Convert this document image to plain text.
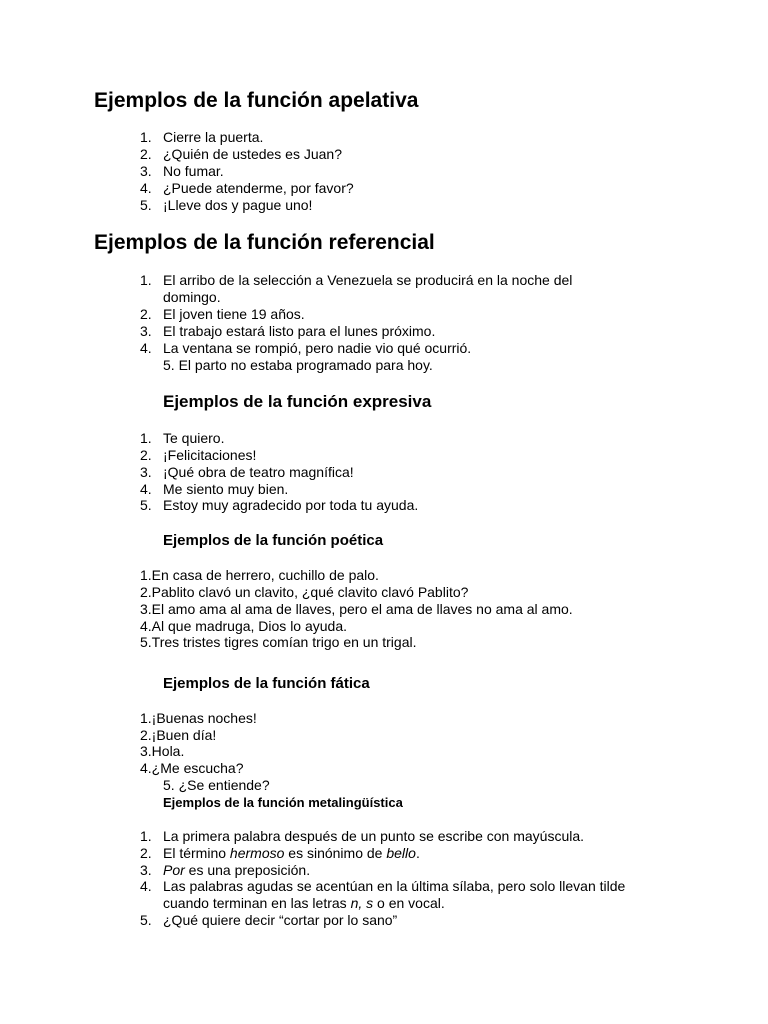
Ejemplos de la función apelativa
1. Cierre la puerta.
2. ¿Quién de ustedes es Juan?
3. No fumar.
4. ¿Puede atenderme, por favor?
5. ¡Lleve dos y pague uno!
Ejemplos de la función referencial
1. El arribo de la selección a Venezuela se producirá en la noche del
domingo.
2. El joven tiene 19 años.
3. El trabajo estará listo para el lunes próximo.
4. La ventana se rompió, pero nadie vio qué ocurrió.
5. El parto no estaba programado para hoy.
Ejemplos de la función expresiva
1. Te quiero.
2. ¡Felicitaciones!
3. ¡Qué obra de teatro magnífica!
4. Me siento muy bien.
5. Estoy muy agradecido por toda tu ayuda.
Ejemplos de la función poética
1.En casa de herrero, cuchillo de palo.
2.Pablito clavó un clavito, ¿qué clavito clavó Pablito?
3.El amo ama al ama de llaves, pero el ama de llaves no ama al amo.
4.Al que madruga, Dios lo ayuda.
5.Tres tristes tigres comían trigo en un trigal.
Ejemplos de la función fática
1.¡Buenas noches!
2.¡Buen día!
3.Hola.
4.¿Me escucha?
5. ¿Se entiende?
Ejemplos de la función metalingüística
1. La primera palabra después de un punto se escribe con mayúscula.
2. El término hermoso es sinónimo de bello.
3. Por es una preposición.
4. Las palabras agudas se acentúan en la última sílaba, pero solo llevan tilde
cuando terminan en las letras n, s o en vocal.
5. ¿Qué quiere decir “cortar por lo sano”
